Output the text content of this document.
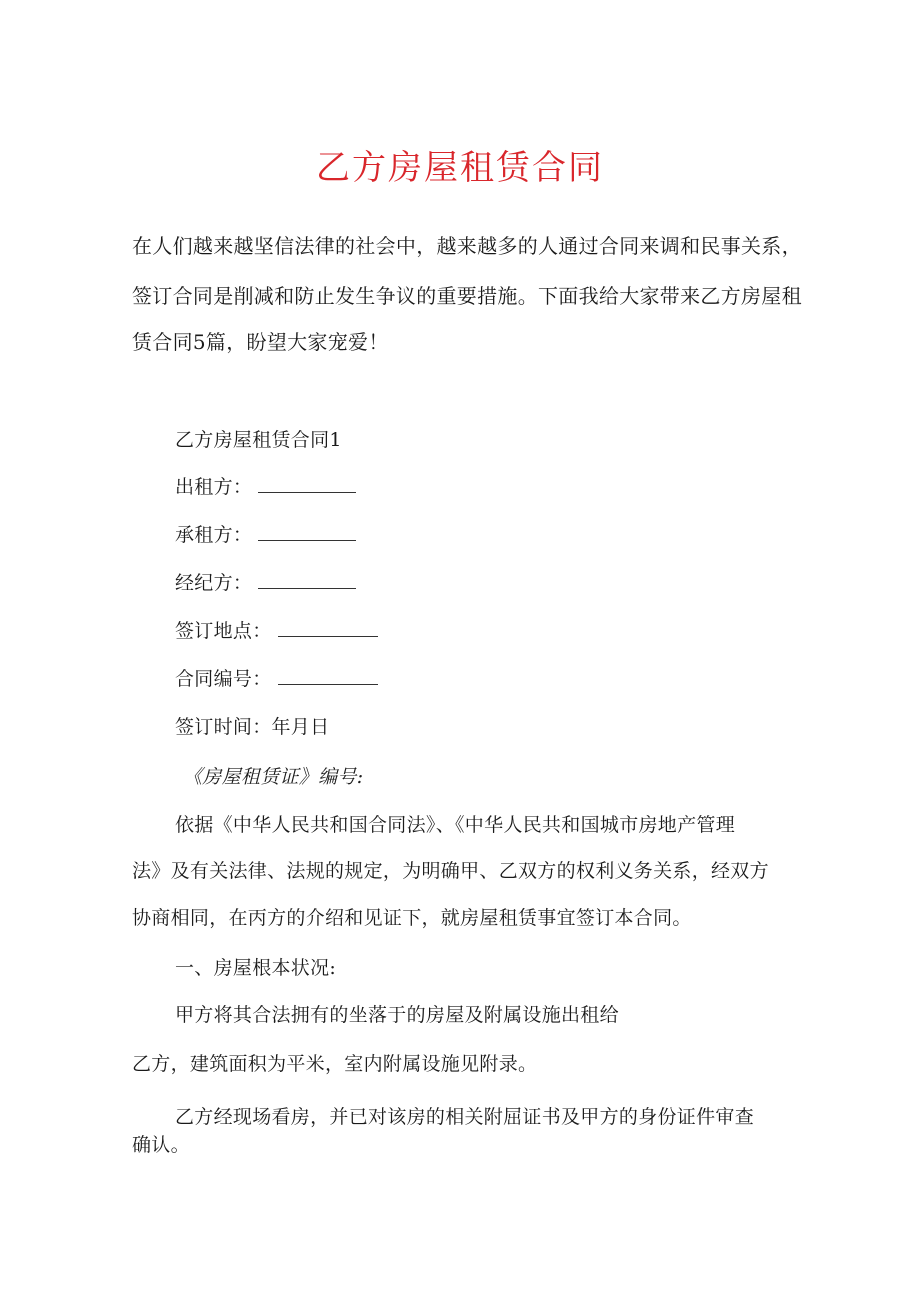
乙方房屋租赁合同
在人们越来越坚信法律的社会中，越来越多的人通过合同来调和民事关系，
签订合同是削减和防止发生争议的重要措施。下面我给大家带来乙方房屋租
赁合同5篇，盼望大家宠爱！
乙方房屋租赁合同1
出租方：
承租方：
经纪方：
签订地点：
合同编号：
签订时间：年月日
《房屋租赁证》编号:
依据《中华人民共和国合同法》、《中华人民共和国城市房地产管理
法》及有关法律、法规的规定，为明确甲、乙双方的权利义务关系，经双方
协商相同，在丙方的介绍和见证下，就房屋租赁事宜签订本合同。
一、房屋根本状况:
甲方将其合法拥有的坐落于的房屋及附属设施出租给
乙方，建筑面积为平米，室内附属设施见附录。
乙方经现场看房，并已对该房的相关附屈证书及甲方的身份证件审查
确认。
